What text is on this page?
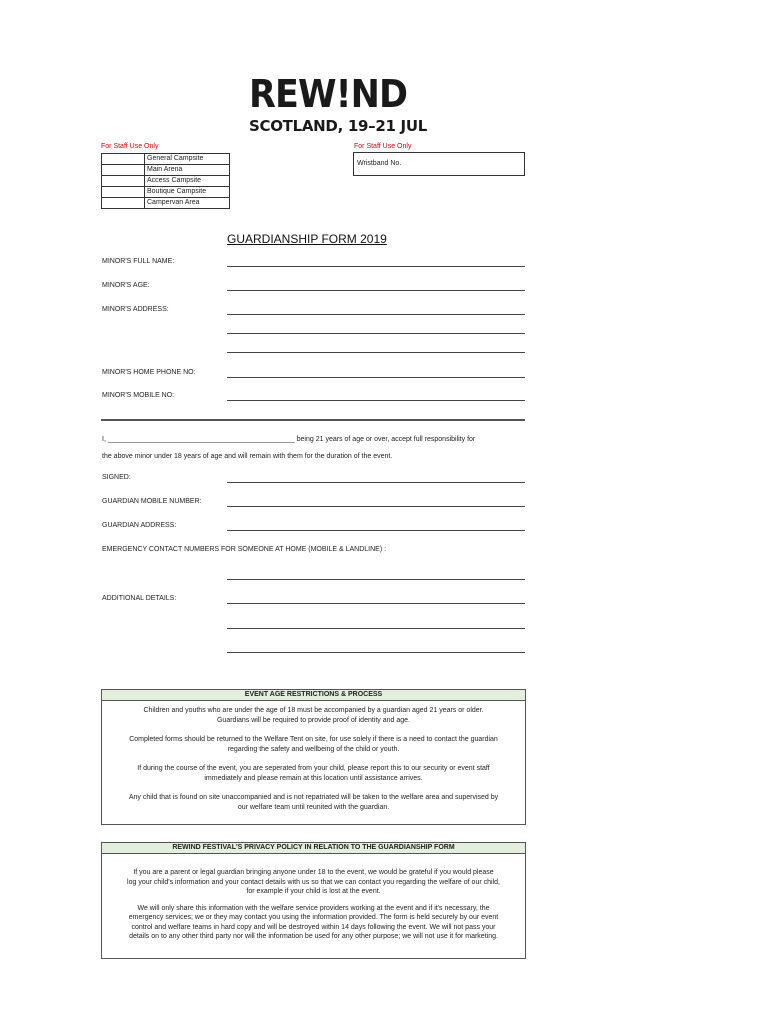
REW!ND
SCOTLAND, 19–21 JUL
For Staff Use Only
	General Campsite
	Main Arena
	Access Campsite
	Boutique Campsite
	Campervan Area
For Staff Use Only
Wristband No.
GUARDIANSHIP FORM 2019
MINOR'S FULL NAME:
MINOR'S AGE:
MINOR'S ADDRESS:
MINOR'S HOME PHONE NO:
MINOR'S MOBILE NO:
I, ________________________________________________ being 21 years of age or over, accept full responsibility for
the above minor under 18 years of age and will remain with them for the duration of the event.
SIGNED:
GUARDIAN MOBILE NUMBER:
GUARDIAN ADDRESS:
EMERGENCY CONTACT NUMBERS FOR SOMEONE AT HOME (MOBILE & LANDLINE) :
ADDITIONAL DETAILS:
EVENT AGE RESTRICTIONS & PROCESS
Children and youths who are under the age of 18 must be accompanied by a guardian aged 21 years or older.
Guardians will be required to provide proof of identity and age.
Completed forms should be returned to the Welfare Tent on site, for use solely if there is a need to contact the guardian
regarding the safety and wellbeing of the child or youth.
If during the course of the event, you are seperated from your child, please report this to our security or event staff
immediately and please remain at this location until assistance arrives.
Any child that is found on site unaccompanied and is not repatriated will be taken to the welfare area and supervised by
our welfare team until reunited with the guardian.
REWIND FESTIVAL'S PRIVACY POLICY IN RELATION TO THE GUARDIANSHIP FORM
If you are a parent or legal guardian bringing anyone under 18 to the event, we would be grateful if you would please
log your child's information and your contact details with us so that we can contact you regarding the welfare of our child,
for example if your child is lost at the event.
We will only share this information with the welfare service providers working at the event and if it's necessary, the
emergency services; we or they may contact you using the information provided. The form is held securely by our event
control and welfare teams in hard copy and will be destroyed within 14 days following the event. We will not pass your
details on to any other third party nor will the information be used for any other purpose; we will not use it for marketing.
